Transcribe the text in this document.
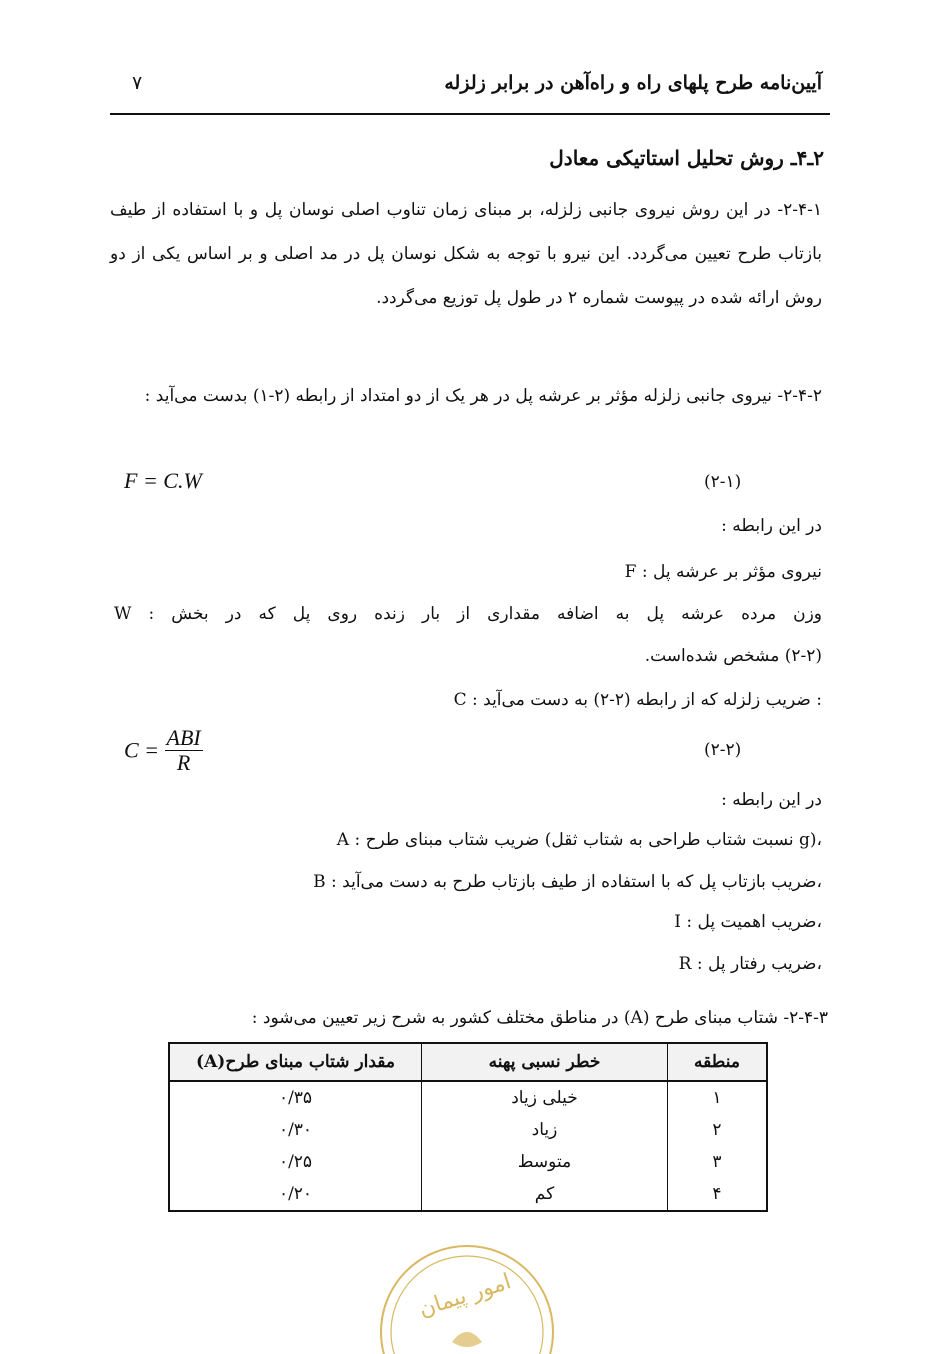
آیین‌نامه طرح پلهای راه و راه‌آهن در برابر زلزله
۷
۲ـ۴ـ روش تحلیل استاتیکی معادل
۲-۴-۱- در این روش نیروی جانبی زلزله، بر مبنای زمان تناوب اصلی نوسان پل و با استفاده از طیف بازتاب طرح تعیین می‌گردد. این نیرو با توجه به شکل نوسان پل در مد اصلی و بر اساس یکی از دو روش ارائه شده در پیوست شماره ۲ در طول پل توزیع می‌گردد.
۲-۴-۲- نیروی جانبی زلزله مؤثر بر عرشه پل در هر یک از دو امتداد از رابطه (۲-۱) بدست می‌آید :
F = C.W	(۲-۱)
در این رابطه :
F : نیروی مؤثر بر عرشه پل
W : وزن مرده عرشه پل به اضافه مقداری از بار زنده روی پل که در بخش
(۲-۲) مشخص شده‌است.
C : ضریب زلزله که از رابطه (۲-۲) به دست می‌آید :
$C = \frac{\text{ABI}}{R}$	(۲-۲)
در این رابطه :
A : ضریب شتاب مبنای طرح (نسبت شتاب طراحی به شتاب ثقل g)،
B : ضریب بازتاب پل که با استفاده از طیف بازتاب طرح به دست می‌آید،
I : ضریب اهمیت پل،
R : ضریب رفتار پل،
۲-۴-۳- شتاب مبنای طرح (A) در مناطق مختلف کشور به شرح زیر تعیین می‌شود :
منطقه	خطر نسبی پهنه	مقدار شتاب مبنای طرح(A)
۱	خیلی زیاد	۰/۳۵
۲	زیاد	۰/۳۰
۳	متوسط	۰/۲۵
۴	کم	۰/۲۰
امور پیمان
